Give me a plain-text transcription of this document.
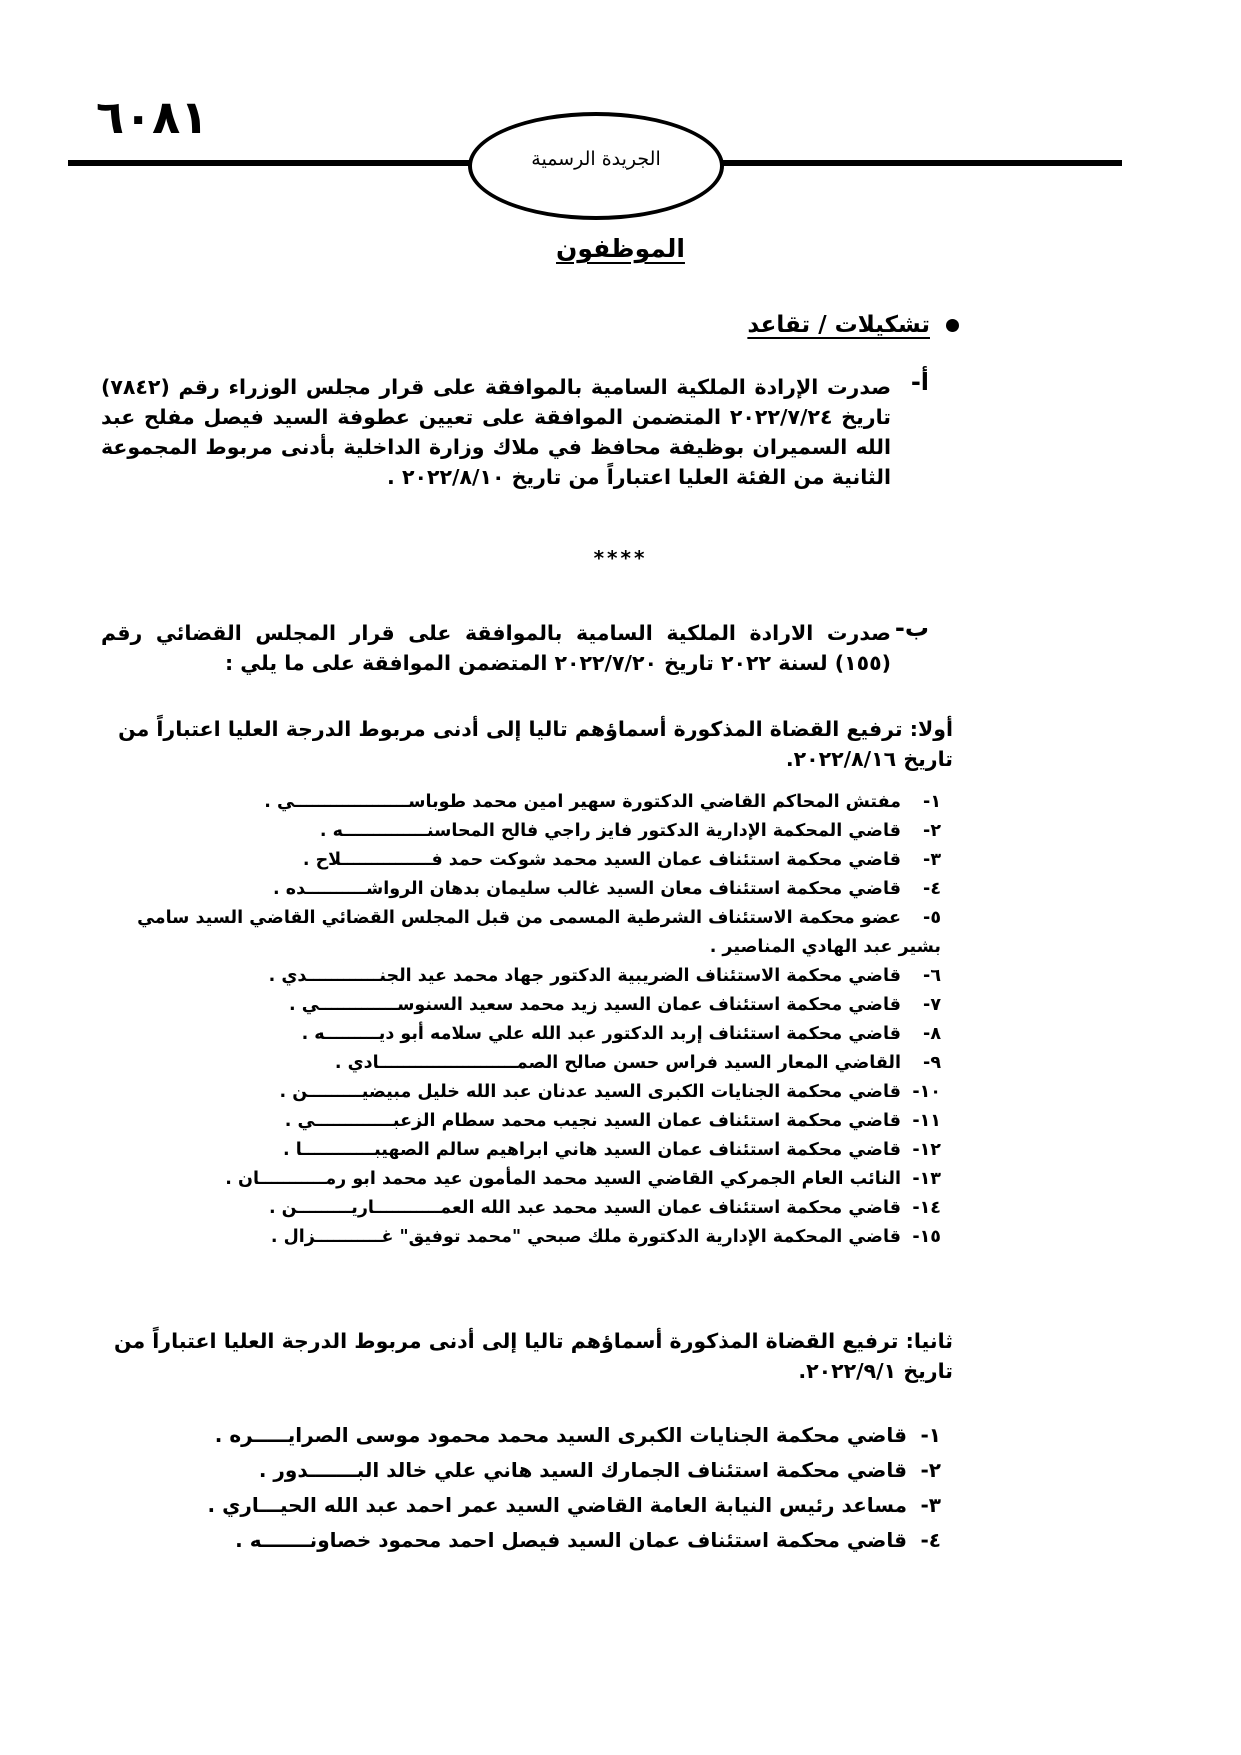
٦٠٨١
الجريدة الرسمية
الموظفون
تشكيلات / تقاعد
أ-
صدرت الإرادة الملكية السامية بالموافقة على قرار مجلس الوزراء رقم (٧٨٤٢) تاريخ ٢٠٢٢/٧/٢٤ المتضمن الموافقة على تعيين عطوفة السيد فيصل مفلح عبد الله السميران بوظيفة محافظ في ملاك وزارة الداخلية بأدنى مربوط المجموعة الثانية من الفئة العليا اعتباراً من تاريخ ٢٠٢٢/٨/١٠ .
****
ب-
صدرت الارادة الملكية السامية بالموافقة على قرار المجلس القضائي رقم (١٥٥) لسنة ٢٠٢٢ تاريخ ٢٠٢٢/٧/٢٠ المتضمن الموافقة على ما يلي :
أولا: ترفيع القضاة المذكورة أسماؤهم تاليا إلى أدنى مربوط الدرجة العليا اعتباراً من تاريخ ٢٠٢٢/٨/١٦.
١-مفتش المحاكم القاضي الدكتورة سهير امين محمد طوباســـــــــــــــــــي .
٢-قاضي المحكمة الإدارية الدكتور فايز راجي فالح المحاسنــــــــــــــه .
٣-قاضي محكمة استئناف عمان السيد محمد شوكت حمد فـــــــــــــــلاح .
٤-قاضي محكمة استئناف معان السيد غالب سليمان بدهان الرواشــــــــــده .
٥-عضو محكمة الاستئناف الشرطية المسمى من قبل المجلس القضائي القاضي السيد سامي بشير عبد الهادي المناصير .
٦-قاضي محكمة الاستئناف الضريبية الدكتور جهاد محمد عيد الجنــــــــــــدي .
٧-قاضي محكمة استئناف عمان السيد زيد محمد سعيد السنوســـــــــــــي .
٨-قاضي محكمة استئناف إربد الدكتور عبد الله علي سلامه أبو ديـــــــــه .
٩-القاضي المعار السيد فراس حسن صالح الصمـــــــــــــــــــــــادي .
١٠-قاضي محكمة الجنايات الكبرى السيد عدنان عبد الله خليل مبيضيـــــــــن .
١١-قاضي محكمة استئناف عمان السيد نجيب محمد سطام الزعبـــــــــــــي .
١٢-قاضي محكمة استئناف عمان السيد هاني ابراهيم سالم الصهيبــــــــــــا .
١٣-النائب العام الجمركي القاضي السيد محمد المأمون عيد محمد ابو رمـــــــــــان .
١٤-قاضي محكمة استئناف عمان السيد محمد عبد الله العمـــــــــــاريـــــــــن .
١٥-قاضي المحكمة الإدارية الدكتورة ملك صبحي "محمد توفيق" غـــــــــــزال .
ثانيا: ترفيع القضاة المذكورة أسماؤهم تاليا إلى أدنى مربوط الدرجة العليا اعتباراً من تاريخ ٢٠٢٢/٩/١.
١-قاضي محكمة الجنايات الكبرى السيد محمد محمود موسى الصرايـــــره .
٢-قاضي محكمة استئناف الجمارك السيد هاني علي خالد البـــــــدور .
٣-مساعد رئيس النيابة العامة القاضي السيد عمر احمد عبد الله الحيـــاري .
٤-قاضي محكمة استئناف عمان السيد فيصل احمد محمود خصاونـــــــه .
